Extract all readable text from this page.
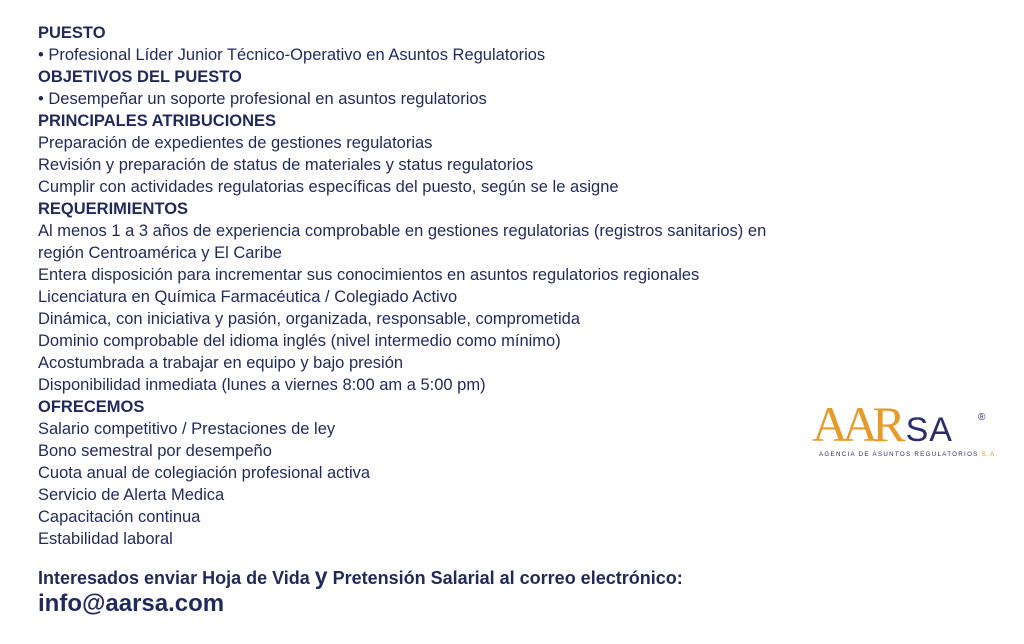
PUESTO
• Profesional Líder Junior Técnico-Operativo en Asuntos Regulatorios
OBJETIVOS DEL PUESTO
• Desempeñar un soporte profesional en asuntos regulatorios
PRINCIPALES ATRIBUCIONES
Preparación de expedientes de gestiones regulatorias
Revisión y preparación de status de materiales y status regulatorios
Cumplir con actividades regulatorias específicas del puesto, según se le asigne
REQUERIMIENTOS
Al menos 1 a 3 años de experiencia comprobable en gestiones regulatorias (registros sanitarios) en
región Centroamérica y El Caribe
Entera disposición para incrementar sus conocimientos en asuntos regulatorios regionales
Licenciatura en Química Farmacéutica / Colegiado Activo
Dinámica, con iniciativa y pasión, organizada, responsable, comprometida
Dominio comprobable del idioma inglés (nivel intermedio como mínimo)
Acostumbrada a trabajar en equipo y bajo presión
Disponibilidad inmediata (lunes a viernes 8:00 am a 5:00 pm)
OFRECEMOS
Salario competitivo / Prestaciones de ley
Bono semestral por desempeño
Cuota anual de colegiación profesional activa
Servicio de Alerta Medica
Capacitación continua
Estabilidad laboral
Interesados enviar Hoja de Vida y Pretensión Salarial al correo electrónico:
info@aarsa.com
AARSA	®
AGENCIA DE ASUNTOS REGULATORIOS S.A.
